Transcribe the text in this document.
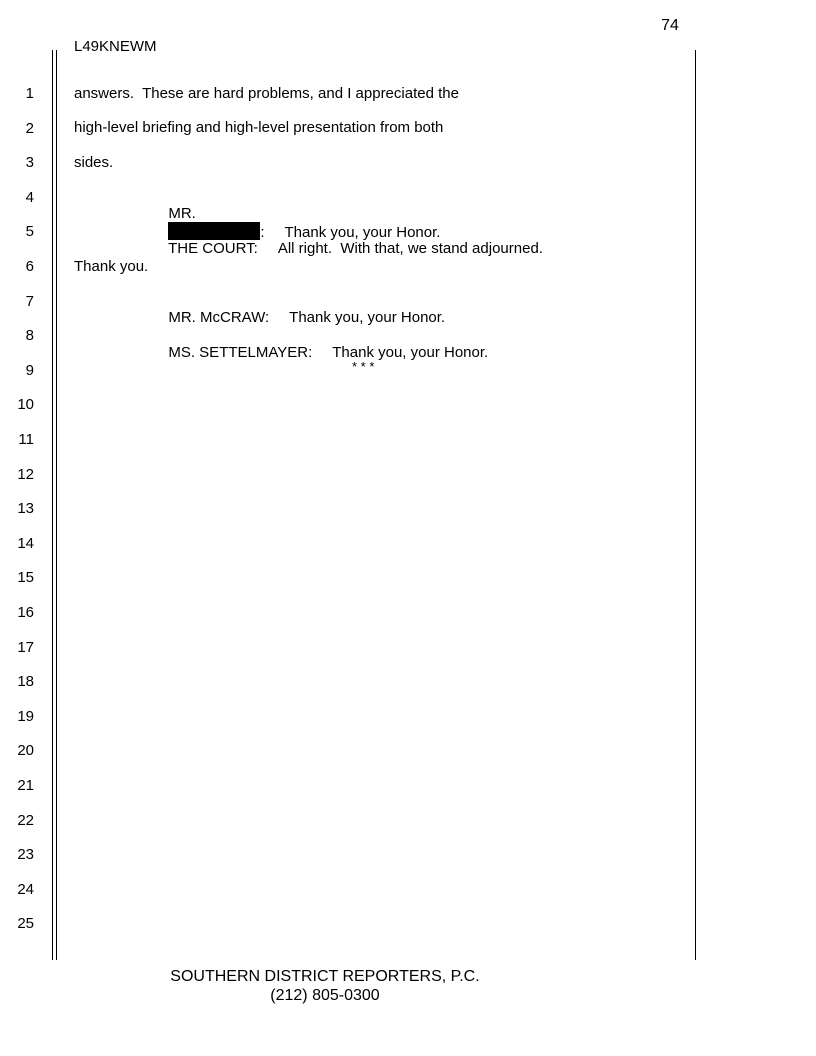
74
L49KNEWM
1
2
3
4
5
6
7
8
9
10
11
12
13
14
15
16
17
18
19
20
21
22
23
24
25
answers.  These are hard problems, and I appreciated the
high-level briefing and high-level presentation from both
sides.

MR.
: Thank you, your Honor.

THE COURT: All right.  With that, we stand adjourned.

Thank you.

MR. McCRAW: Thank you, your Honor.

MS. SETTELMAYER: Thank you, your Honor.

* * *
SOUTHERN DISTRICT REPORTERS, P.C.
(212) 805-0300
